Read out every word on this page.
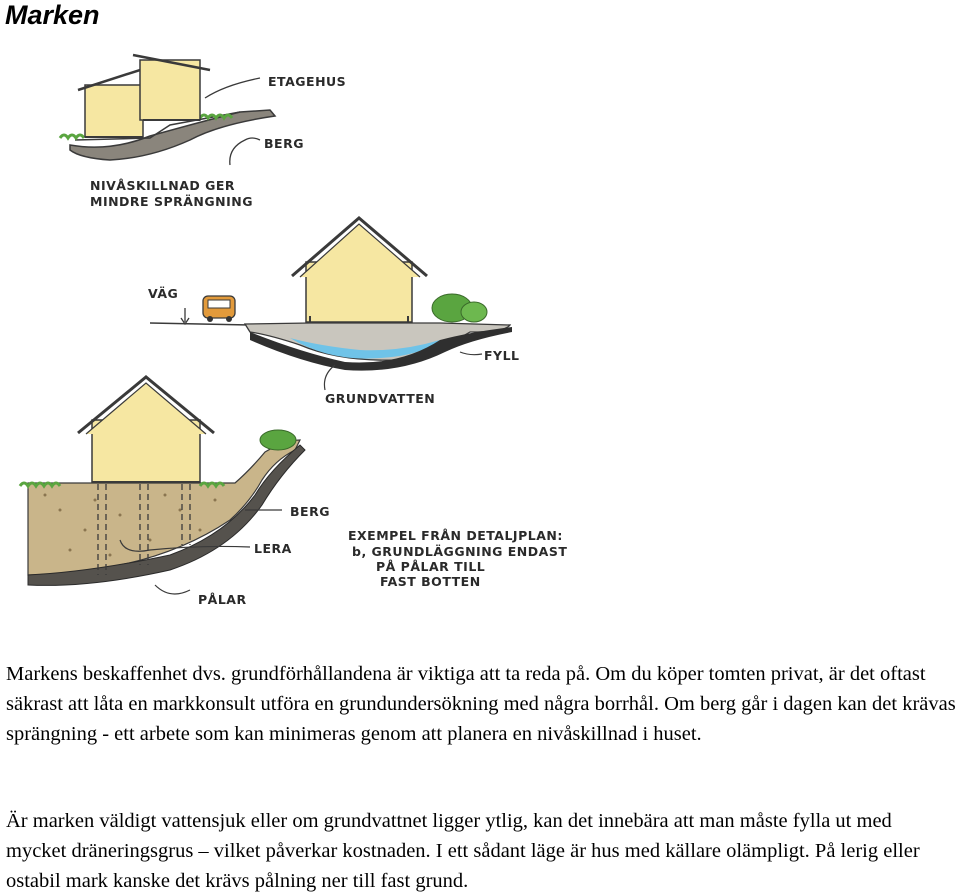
Marken
ETAGEHUS
BERG
NIVÅSKILLNAD GER
MINDRE SPRÄNGNING
VÄG
FYLL
GRUNDVATTEN
BERG
LERA
PÅLAR
EXEMPEL FRÅN DETALJPLAN:
b, GRUNDLÄGGNING ENDAST
PÅ PÅLAR TILL
FAST BOTTEN

Markens beskaffenhet dvs. grundförhållandena är viktiga att ta reda på. Om du köper tomten privat, är det oftast säkrast att låta en markkonsult utföra en grundundersökning med några borrhål. Om berg går i dagen kan det krävas sprängning - ett arbete som kan minimeras genom att planera en nivåskillnad i huset.

Är marken väldigt vattensjuk eller om grundvattnet ligger ytlig, kan det innebära att man måste fylla ut med mycket dräneringsgrus – vilket påverkar kostnaden. I ett sådant läge är hus med källare olämpligt. På lerig eller ostabil mark kanske det krävs pålning ner till fast grund.
